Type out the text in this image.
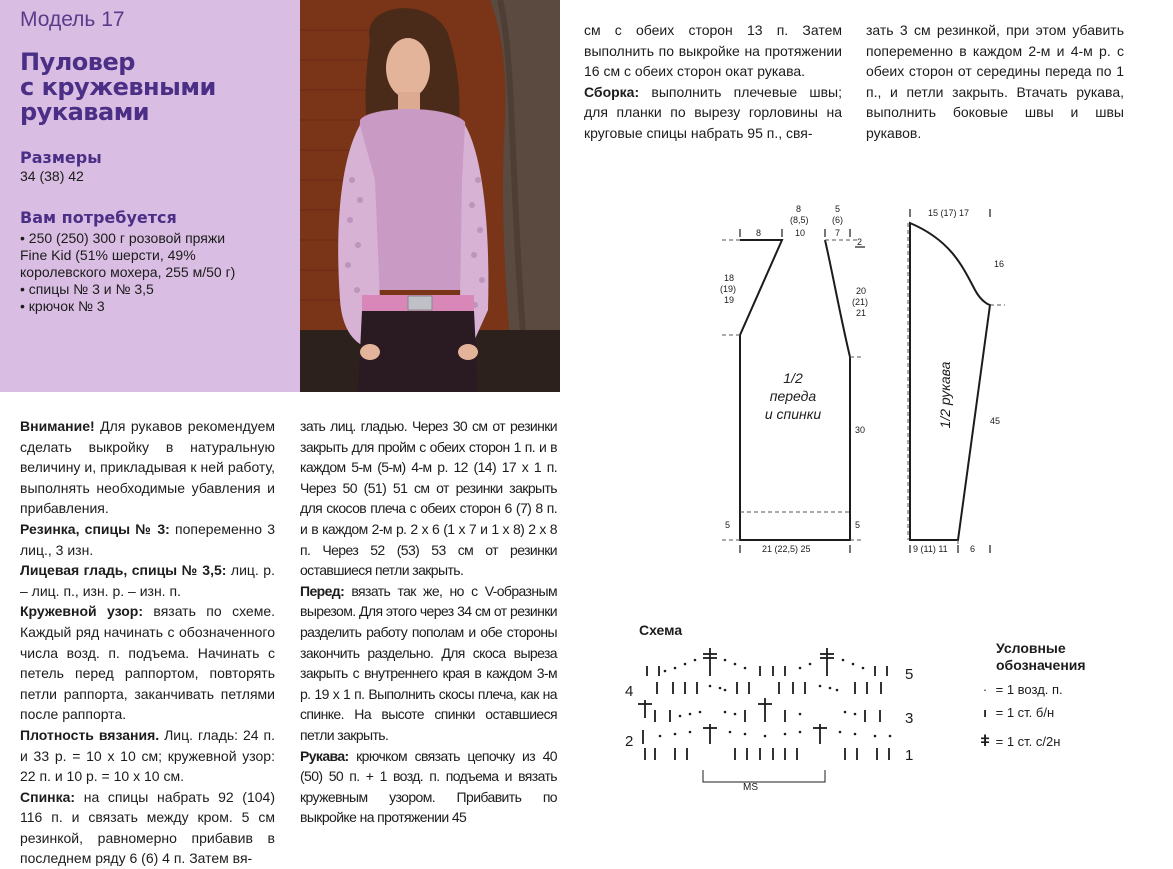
Модель 17
Пуловер
с кружевными
рукавами
Размеры
34 (38) 42
Вам потребуется
• 250 (250) 300 г розовой пряжи
Fine Kid (51% шерсти, 49%
королевского мохера, 255 м/50 г)
• спицы № 3 и № 3,5
• крючок № 3

Внимание! Для рукавов рекомендуем сделать выкройку в натуральную величину и, прикладывая к ней работу, выполнять необходимые убавления и прибавления.

Резинка, спицы № 3: попеременно 3 лиц., 3 изн.

Лицевая гладь, спицы № 3,5: лиц. р. – лиц. п., изн. р. – изн. п.

Кружевной узор: вязать по схеме. Каждый ряд начинать с обозначенного числа возд. п. подъема. Начинать с петель перед раппортом, повторять петли раппорта, заканчивать петлями после раппорта.

Плотность вязания. Лиц. гладь: 24 п. и 33 р. = 10 х 10 см; кружевной узор: 22 п. и 10 р. = 10 х 10 см.

Спинка: на спицы набрать 92 (104) 116 п. и связать между кром. 5 см резинкой, равномерно прибавив в последнем ряду 6 (6) 4 п. Затем вя-

зать лиц. гладью. Через 30 см от резинки закрыть для пройм с обеих сторон 1 п. и в каждом 5-м (5-м) 4-м р. 12 (14) 17 х 1 п. Через 50 (51) 51 см от резинки закрыть для скосов плеча с обеих сторон 6 (7) 8 п. и в каждом 2-м р. 2 х 6 (1 х 7 и 1 х 8) 2 х 8 п. Через 52 (53) 53 см от резинки оставшиеся петли закрыть.

Перед: вязать так же, но с V-образным вырезом. Для этого через 34 см от резинки разделить работу пополам и обе стороны закончить раздельно. Для скоса выреза закрыть с внутреннего края в каждом 3-м р. 19 х 1 п. Выполнить скосы плеча, как на спинке. На высоте спинки оставшиеся петли закрыть.

Рукава: крючком связать цепочку из 40 (50) 50 п. + 1 возд. п. подъема и вязать кружевным узором. Прибавить по выкройке на протяжении 45

см с обеих сторон 13 п. Затем выполнить по выкройке на протяжении 16 см с обеих сторон окат рукава.

Сборка: выполнить плечевые швы; для планки по вырезу горловины на круговые спицы набрать 95 п., свя-

зать 3 см резинкой, при этом убавить попеременно в каждом 2-м и 4-м р. с обеих сторон от середины переда по 1 п., и петли закрыть. Втачать рукава, выполнить боковые швы и швы рукавов.

8
8
(8,5)
10
5
(6)
7
2
18
(19)
19
20
(21)
21
30
5	5
21 (22,5) 25
15 (17) 17
16
45
9 (11) 11 6
1/2
переда
и спинки	1/2 рукава
Схема
4
2
5
3
1
MS
Условные
обозначения
· = 1 возд. п.
ı = 1 ст. б/н
ǂ = 1 ст. с/2н
